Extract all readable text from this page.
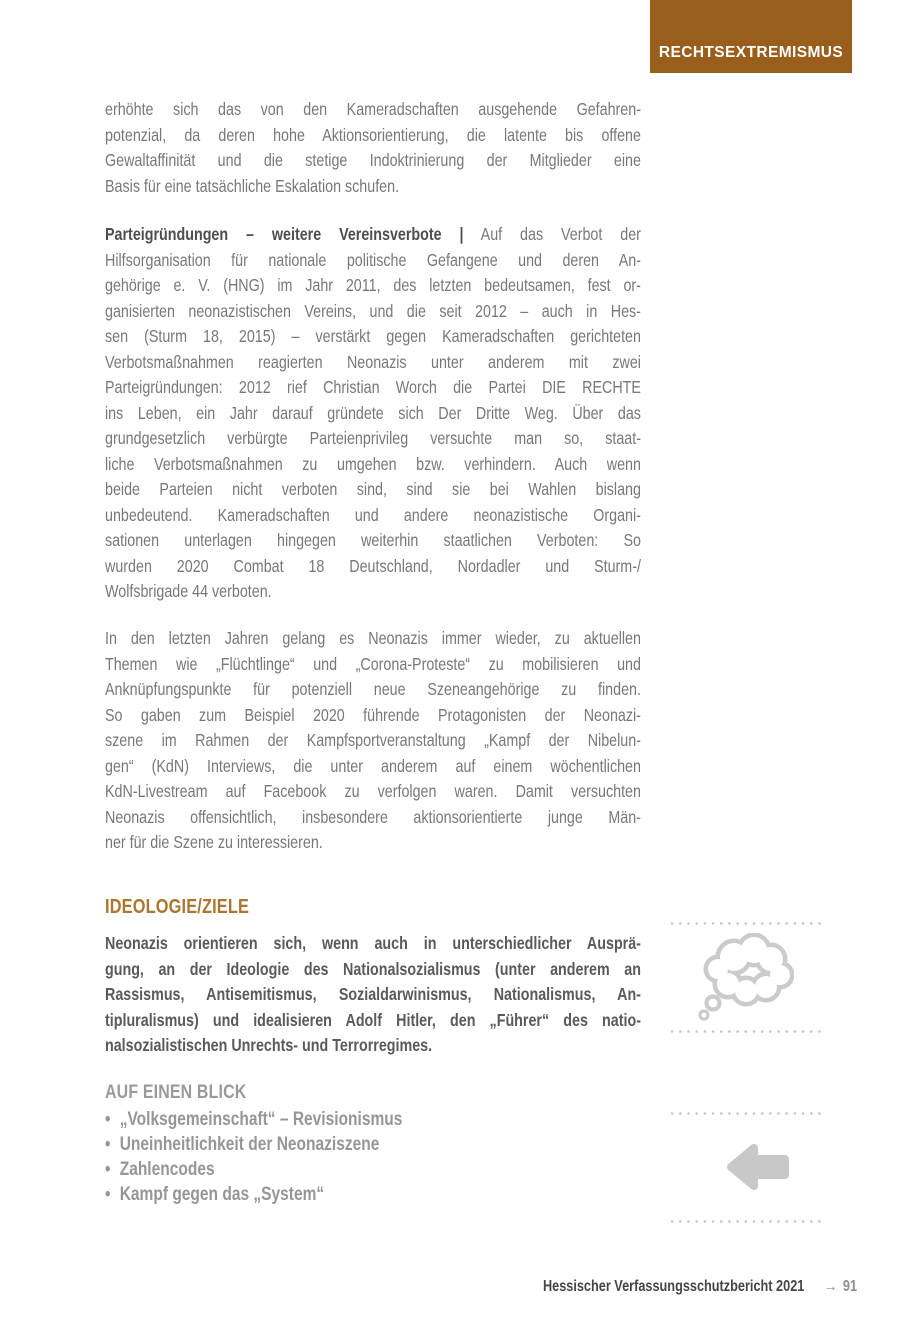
RECHTSEXTREMISMUS
erhöhte sich das von den Kameradschaften ausgehende Gefahren-
potenzial, da deren hohe Aktionsorientierung, die latente bis offene
Gewaltaffinität und die stetige Indoktrinierung der Mitglieder eine
Basis für eine tatsächliche Eskalation schufen.
Parteigründungen – weitere Vereinsverbote | Auf das Verbot der
Hilfsorganisation für nationale politische Gefangene und deren An-
gehörige e. V. (HNG) im Jahr 2011, des letzten bedeutsamen, fest or-
ganisierten neonazistischen Vereins, und die seit 2012 – auch in Hes-
sen (Sturm 18, 2015) – verstärkt gegen Kameradschaften gerichteten
Verbotsmaßnahmen reagierten Neonazis unter anderem mit zwei
Parteigründungen: 2012 rief Christian Worch die Partei DIE RECHTE
ins Leben, ein Jahr darauf gründete sich Der Dritte Weg. Über das
grundgesetzlich verbürgte Parteienprivileg versuchte man so, staat-
liche Verbotsmaßnahmen zu umgehen bzw. verhindern. Auch wenn
beide Parteien nicht verboten sind, sind sie bei Wahlen bislang
unbedeutend. Kameradschaften und andere neonazistische Organi-
sationen unterlagen hingegen weiterhin staatlichen Verboten: So
wurden 2020 Combat 18 Deutschland, Nordadler und Sturm-/
Wolfsbrigade 44 verboten.
In den letzten Jahren gelang es Neonazis immer wieder, zu aktuellen
Themen wie „Flüchtlinge“ und „Corona-Proteste“ zu mobilisieren und
Anknüpfungspunkte für potenziell neue Szeneangehörige zu finden.
So gaben zum Beispiel 2020 führende Protagonisten der Neonazi-
szene im Rahmen der Kampfsportveranstaltung „Kampf der Nibelun-
gen“ (KdN) Interviews, die unter anderem auf einem wöchentlichen
KdN-Livestream auf Facebook zu verfolgen waren. Damit versuchten
Neonazis offensichtlich, insbesondere aktionsorientierte junge Män-
ner für die Szene zu interessieren.
IDEOLOGIE/ZIELE
Neonazis orientieren sich, wenn auch in unterschiedlicher Ausprä-
gung, an der Ideologie des Nationalsozialismus (unter anderem an
Rassismus, Antisemitismus, Sozialdarwinismus, Nationalismus, An-
tipluralismus) und idealisieren Adolf Hitler, den „Führer“ des natio-
nalsozialistischen Unrechts- und Terrorregimes.
AUF EINEN BLICK
• „Volksgemeinschaft“ – Revisionismus
• Uneinheitlichkeit der Neonaziszene
• Zahlencodes
• Kampf gegen das „System“
Hessischer Verfassungsschutzbericht 2021 → 91
